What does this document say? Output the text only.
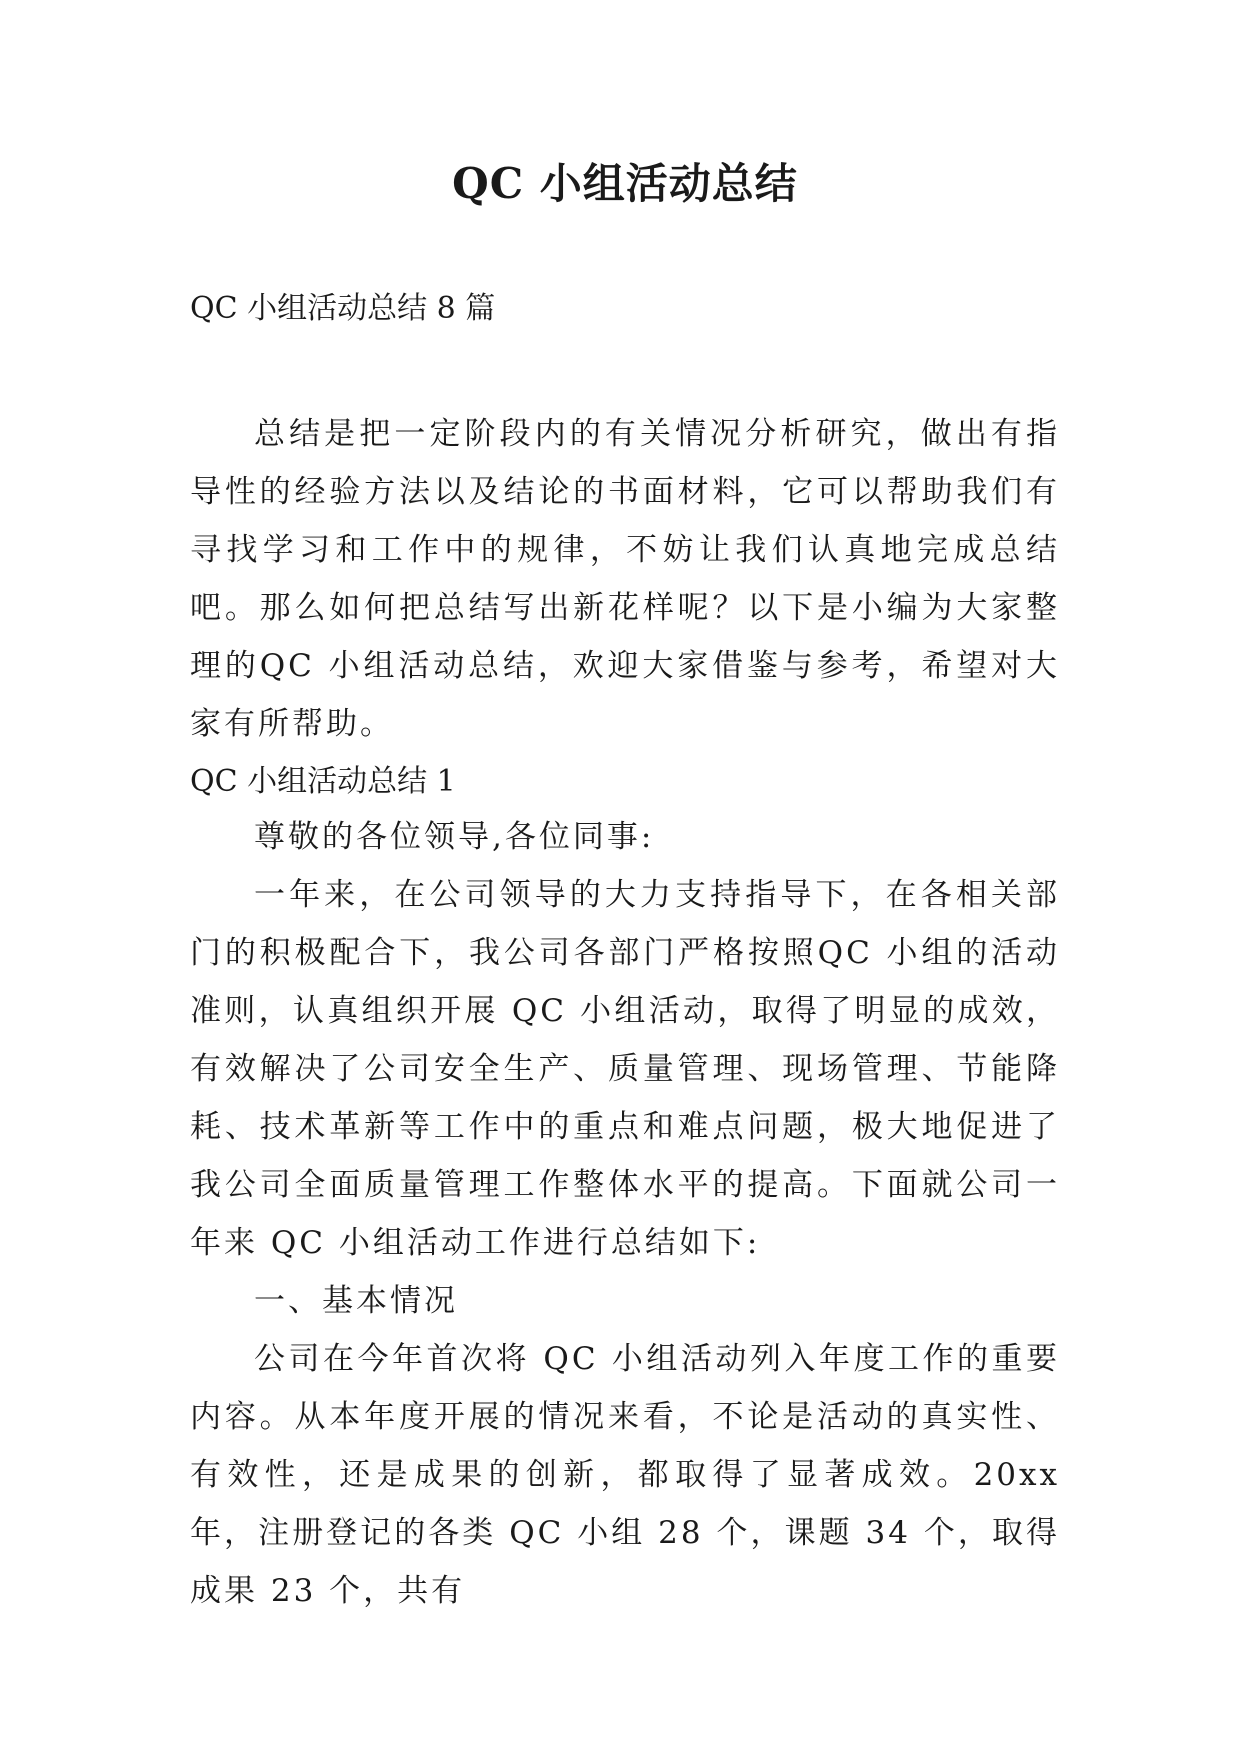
QC 小组活动总结
QC 小组活动总结 8 篇

总结是把一定阶段内的有关情况分析研究，做出有指导性的经验方法以及结论的书面材料，它可以帮助我们有寻找学习和工作中的规律，不妨让我们认真地完成总结吧。那么如何把总结写出新花样呢？以下是小编为大家整理的QC 小组活动总结，欢迎大家借鉴与参考，希望对大家有所帮助。

QC 小组活动总结 1

尊敬的各位领导,各位同事:

一年来，在公司领导的大力支持指导下，在各相关部门的积极配合下，我公司各部门严格按照QC 小组的活动准则，认真组织开展 QC 小组活动，取得了明显的成效，有效解决了公司安全生产、质量管理、现场管理、节能降耗、技术革新等工作中的重点和难点问题，极大地促进了我公司全面质量管理工作整体水平的提高。下面就公司一年来 QC 小组活动工作进行总结如下:

一、基本情况

公司在今年首次将 QC 小组活动列入年度工作的重要内容。从本年度开展的情况来看，不论是活动的真实性、有效性，还是成果的创新，都取得了显著成效。20xx 年，注册登记的各类 QC 小组 28 个，课题 34 个，取得成果 23 个，共有
